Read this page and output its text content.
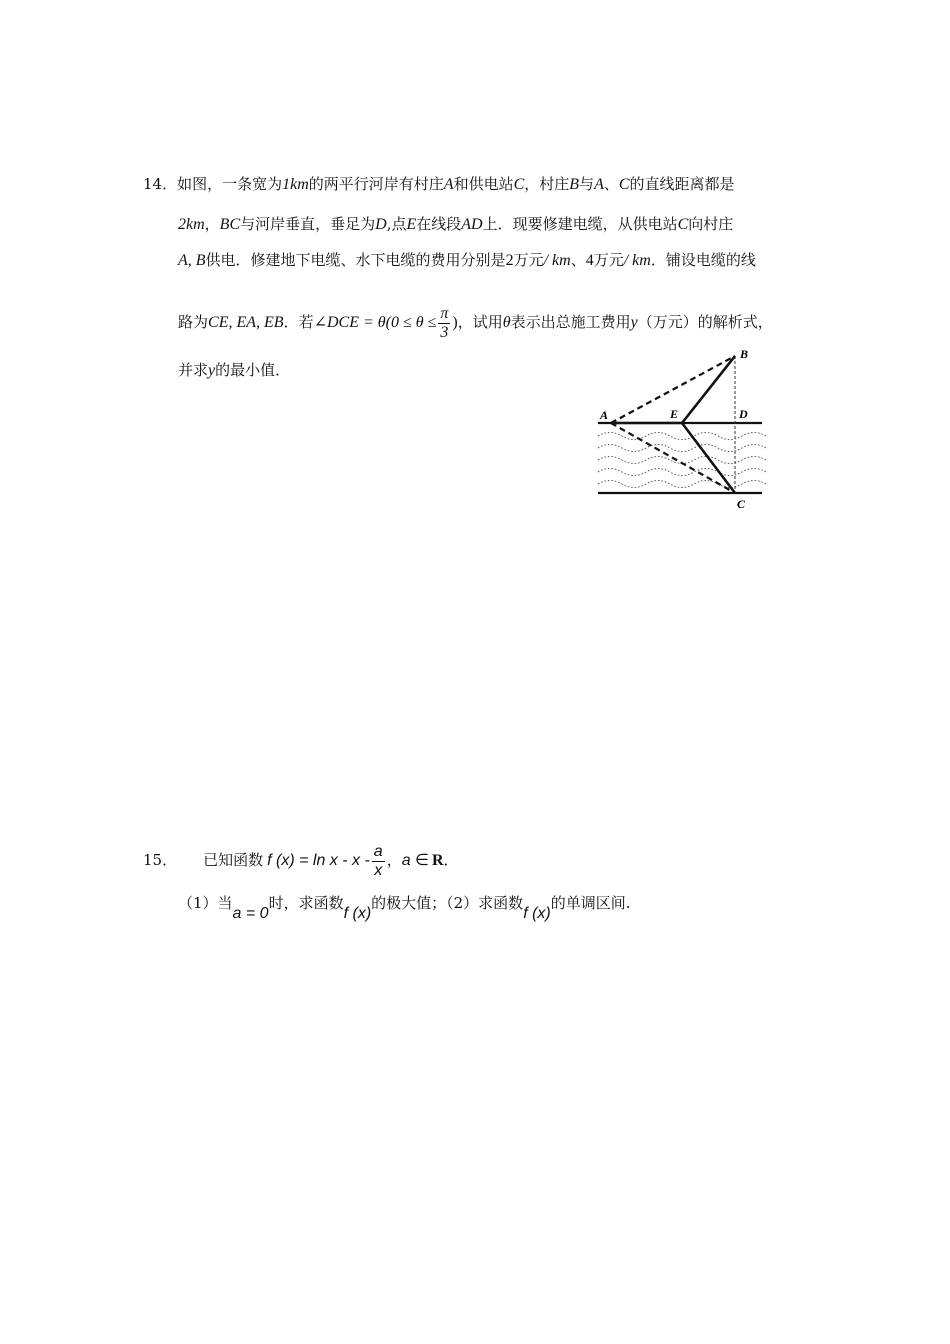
14．如图，一条宽为1km的两平行河岸有村庄A和供电站C，村庄B与A、C的直线距离都是
2km，BC与河岸垂直，垂足为D,点E在线段AD上．现要修建电缆，从供电站C向村庄
A, B供电．修建地下电缆、水下电缆的费用分别是2万元/ km、4万元/ km．铺设电缆的线
路为CE, EA, EB．若∠DCE = $\theta(0 \le \theta \le \frac{\pi}{3}$ )，试用θ表示出总施工费用y（万元）的解析式，
并求y的最小值．
A	E	D
B
C
15． 已知函数 f $(x) = \ln x - x - \frac{a}{x}$ ，a ∈ R．
（1）当a = 0时，求函数f (x)的极大值；（2）求函数f (x)的单调区间.
